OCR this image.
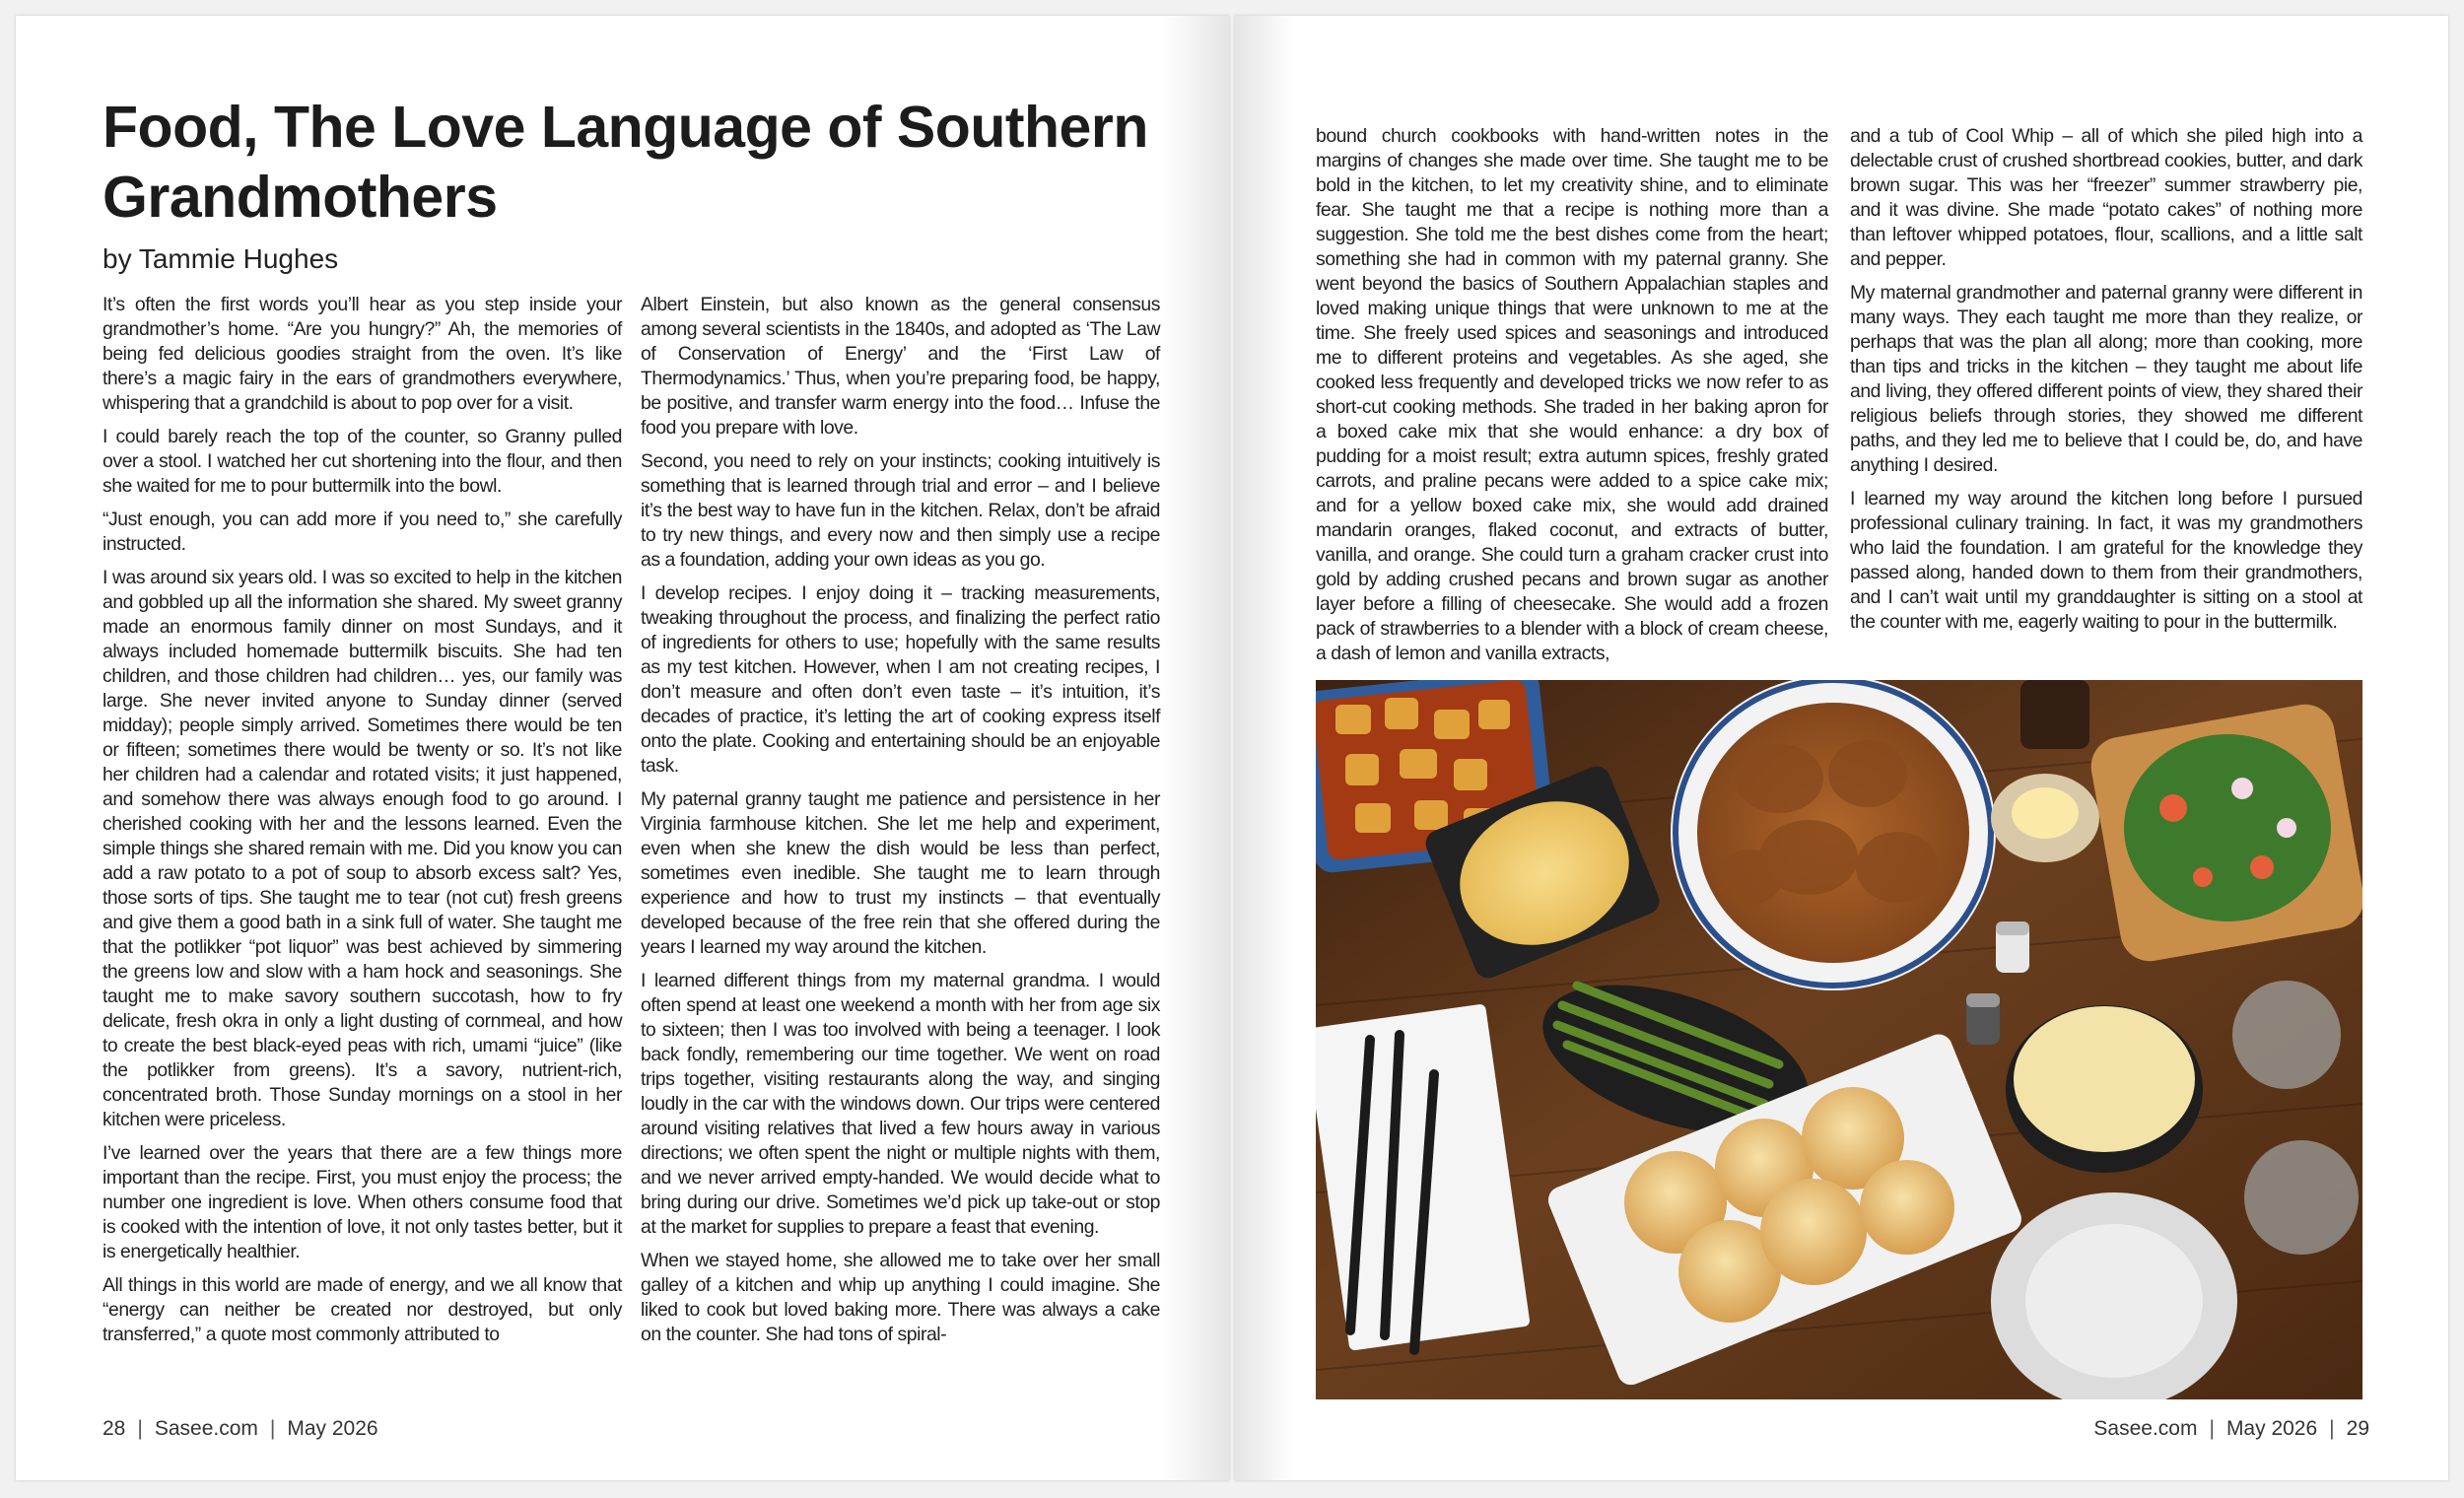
Food, The Love Language of Southern Grandmothers

by Tammie Hughes

It’s often the first words you’ll hear as you step inside your grandmother’s home. “Are you hungry?” Ah, the memories of being fed delicious goodies straight from the oven. It’s like there’s a magic fairy in the ears of grandmothers everywhere, whispering that a grandchild is about to pop over for a visit.

I could barely reach the top of the counter, so Granny pulled over a stool. I watched her cut shortening into the flour, and then she waited for me to pour buttermilk into the bowl.

“Just enough, you can add more if you need to,” she carefully instructed.

I was around six years old. I was so excited to help in the kitchen and gobbled up all the information she shared. My sweet granny made an enormous family dinner on most Sundays, and it always included homemade buttermilk biscuits. She had ten children, and those children had children… yes, our family was large. She never invited anyone to Sunday dinner (served midday); people simply arrived. Sometimes there would be ten or fifteen; sometimes there would be twenty or so. It’s not like her children had a calendar and rotated visits; it just happened, and somehow there was always enough food to go around. I cherished cooking with her and the lessons learned. Even the simple things she shared remain with me. Did you know you can add a raw potato to a pot of soup to absorb excess salt? Yes, those sorts of tips. She taught me to tear (not cut) fresh greens and give them a good bath in a sink full of water. She taught me that the potlikker “pot liquor” was best achieved by simmering the greens low and slow with a ham hock and seasonings. She taught me to make savory southern succotash, how to fry delicate, fresh okra in only a light dusting of cornmeal, and how to create the best black-eyed peas with rich, umami “juice” (like the potlikker from greens). It’s a savory, nutrient-rich, concentrated broth. Those Sunday mornings on a stool in her kitchen were priceless.

I’ve learned over the years that there are a few things more important than the recipe. First, you must enjoy the process; the number one ingredient is love. When others consume food that is cooked with the intention of love, it not only tastes better, but it is energetically healthier.

All things in this world are made of energy, and we all know that “energy can neither be created nor destroyed, but only transferred,” a quote most commonly attributed to

Albert Einstein, but also known as the general consensus among several scientists in the 1840s, and adopted as ‘The Law of Conservation of Energy’ and the ‘First Law of Thermodynamics.’ Thus, when you’re preparing food, be happy, be positive, and transfer warm energy into the food… Infuse the food you prepare with love.

Second, you need to rely on your instincts; cooking intuitively is something that is learned through trial and error – and I believe it’s the best way to have fun in the kitchen. Relax, don’t be afraid to try new things, and every now and then simply use a recipe as a foundation, adding your own ideas as you go.

I develop recipes. I enjoy doing it – tracking measurements, tweaking throughout the process, and finalizing the perfect ratio of ingredients for others to use; hopefully with the same results as my test kitchen. However, when I am not creating recipes, I don’t measure and often don’t even taste – it’s intuition, it’s decades of practice, it’s letting the art of cooking express itself onto the plate. Cooking and entertaining should be an enjoyable task.

My paternal granny taught me patience and persistence in her Virginia farmhouse kitchen. She let me help and experiment, even when she knew the dish would be less than perfect, sometimes even inedible. She taught me to learn through experience and how to trust my instincts – that eventually developed because of the free rein that she offered during the years I learned my way around the kitchen.

I learned different things from my maternal grandma. I would often spend at least one weekend a month with her from age six to sixteen; then I was too involved with being a teenager. I look back fondly, remembering our time together. We went on road trips together, visiting restaurants along the way, and singing loudly in the car with the windows down. Our trips were centered around visiting relatives that lived a few hours away in various directions; we often spent the night or multiple nights with them, and we never arrived empty-handed. We would decide what to bring during our drive. Sometimes we’d pick up take-out or stop at the market for supplies to prepare a feast that evening.

When we stayed home, she allowed me to take over her small galley of a kitchen and whip up anything I could imagine. She liked to cook but loved baking more. There was always a cake on the counter. She had tons of spiral-

28 | Sasee.com | May 2026

bound church cookbooks with hand-written notes in the margins of changes she made over time. She taught me to be bold in the kitchen, to let my creativity shine, and to eliminate fear. She taught me that a recipe is nothing more than a suggestion. She told me the best dishes come from the heart; something she had in common with my paternal granny. She went beyond the basics of Southern Appalachian staples and loved making unique things that were unknown to me at the time. She freely used spices and seasonings and introduced me to different proteins and vegetables. As she aged, she cooked less frequently and developed tricks we now refer to as short-cut cooking methods. She traded in her baking apron for a boxed cake mix that she would enhance: a dry box of pudding for a moist result; extra autumn spices, freshly grated carrots, and praline pecans were added to a spice cake mix; and for a yellow boxed cake mix, she would add drained mandarin oranges, flaked coconut, and extracts of butter, vanilla, and orange. She could turn a graham cracker crust into gold by adding crushed pecans and brown sugar as another layer before a filling of cheesecake. She would add a frozen pack of strawberries to a blender with a block of cream cheese, a dash of lemon and vanilla extracts,

and a tub of Cool Whip – all of which she piled high into a delectable crust of crushed shortbread cookies, butter, and dark brown sugar. This was her “freezer” summer strawberry pie, and it was divine. She made “potato cakes” of nothing more than leftover whipped potatoes, flour, scallions, and a little salt and pepper.

My maternal grandmother and paternal granny were different in many ways. They each taught me more than they realize, or perhaps that was the plan all along; more than cooking, more than tips and tricks in the kitchen – they taught me about life and living, they offered different points of view, they shared their religious beliefs through stories, they showed me different paths, and they led me to believe that I could be, do, and have anything I desired.

I learned my way around the kitchen long before I pursued professional culinary training. In fact, it was my grandmothers who laid the foundation. I am grateful for the knowledge they passed along, handed down to them from their grandmothers, and I can’t wait until my granddaughter is sitting on a stool at the counter with me, eagerly waiting to pour in the buttermilk.

Sasee.com | May 2026 | 29
